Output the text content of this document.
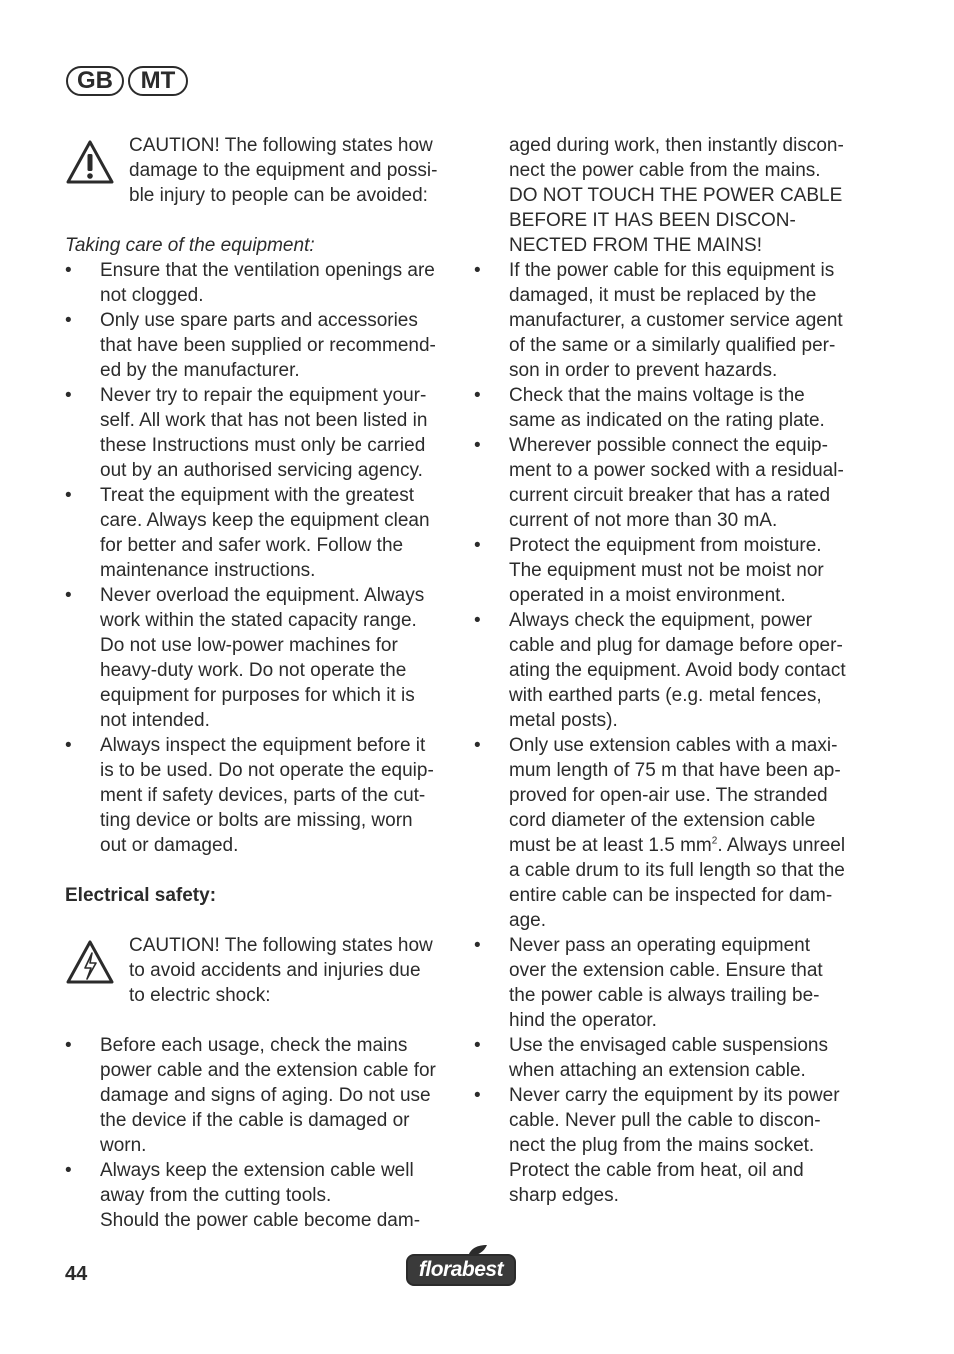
GB	MT

CAUTION! The following states how
damage to the equipment and possi-
ble injury to people can be avoided:

Taking care of the equipment:

• Ensure that the ventilation openings are
not clogged.
• Only use spare parts and accessories
that have been supplied or recommend-
ed by the manufacturer.
• Never try to repair the equipment your-
self. All work that has not been listed in
these Instructions must only be carried
out by an authorised servicing agency.
• Treat the equipment with the greatest
care. Always keep the equipment clean
for better and safer work. Follow the
maintenance instructions.
• Never overload the equipment. Always
work within the stated capacity range.
Do not use low-power machines for
heavy-duty work. Do not operate the
equipment for purposes for which it is
not intended.
• Always inspect the equipment before it
is to be used. Do not operate the equip-
ment if safety devices, parts of the cut-
ting device or bolts are missing, worn
out or damaged.

Electrical safety:

CAUTION! The following states how
to avoid accidents and injuries due
to electric shock:

• Before each usage, check the mains
power cable and the extension cable for
damage and signs of aging. Do not use
the device if the cable is damaged or
worn.
• Always keep the extension cable well
away from the cutting tools.
Should the power cable become dam-
aged during work, then instantly discon-
nect the power cable from the mains.
DO NOT TOUCH THE POWER CABLE
BEFORE IT HAS BEEN DISCON-
NECTED FROM THE MAINS!
• If the power cable for this equipment is
damaged, it must be replaced by the
manufacturer, a customer service agent
of the same or a similarly qualified per-
son in order to prevent hazards.
• Check that the mains voltage is the
same as indicated on the rating plate.
• Wherever possible connect the equip-
ment to a power socked with a residual-
current circuit breaker that has a rated
current of not more than 30 mA.
• Protect the equipment from moisture.
The equipment must not be moist nor
operated in a moist environment.
• Always check the equipment, power
cable and plug for damage before oper-
ating the equipment. Avoid body contact
with earthed parts (e.g. metal fences,
metal posts).
• Only use extension cables with a maxi-
mum length of 75 m that have been ap-
proved for open-air use. The stranded
cord diameter of the extension cable
must be at least 1.5 $mm^2$. Always unreel
a cable drum to its full length so that the
entire cable can be inspected for dam-
age.
• Never pass an operating equipment
over the extension cable. Ensure that
the power cable is always trailing be-
hind the operator.
• Use the envisaged cable suspensions
when attaching an extension cable.
• Never carry the equipment by its power
cable. Never pull the cable to discon-
nect the plug from the mains socket.
Protect the cable from heat, oil and
sharp edges.
44	florabest
